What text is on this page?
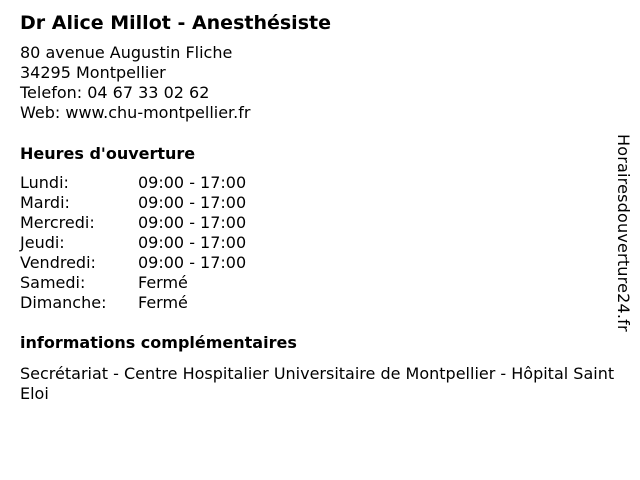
Dr Alice Millot - Anesthésiste
80 avenue Augustin Fliche
34295 Montpellier
Telefon: 04 67 33 02 62
Web: www.chu-montpellier.fr
Heures d'ouverture
Lundi:	09:00 - 17:00
Mardi:	09:00 - 17:00
Mercredi:	09:00 - 17:00
Jeudi:	09:00 - 17:00
Vendredi:	09:00 - 17:00
Samedi:	Fermé
Dimanche:	Fermé
informations complémentaires
Secrétariat - Centre Hospitalier Universitaire de Montpellier - Hôpital Saint Eloi
Horairesdouverture24.fr
